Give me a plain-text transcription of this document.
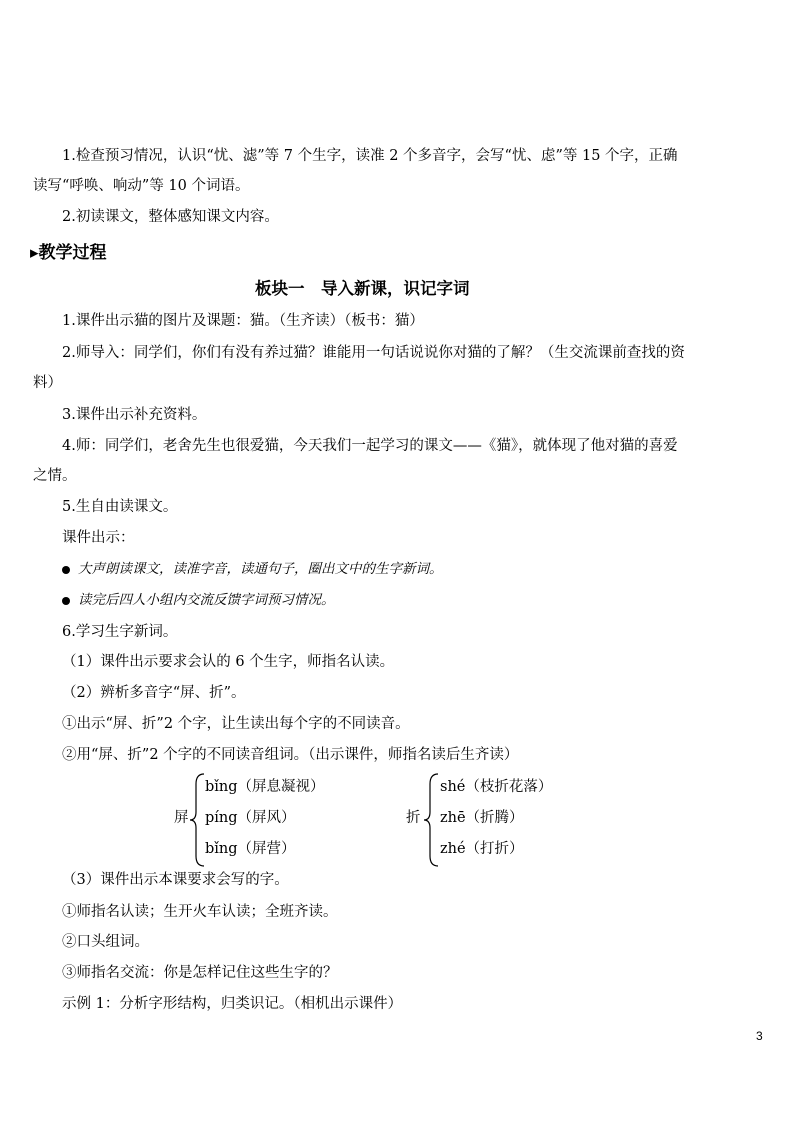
1.检查预习情况，认识“忧、滤”等 7 个生字，读准 2 个多音字，会写“忧、虑”等 15 个字，正确
读写“呼唤、响动”等 10 个词语。
2.初读课文，整体感知课文内容。
▸教学过程
板块一　导入新课，识记字词
1.课件出示猫的图片及课题：猫。（生齐读）（板书：猫）
2.师导入：同学们，你们有没有养过猫？谁能用一句话说说你对猫的了解？（生交流课前查找的资
料）
3.课件出示补充资料。
4.师：同学们，老舍先生也很爱猫，今天我们一起学习的课文——《猫》，就体现了他对猫的喜爱
之情。
5.生自由读课文。
课件出示：
大声朗读课文，读准字音，读通句子，圈出文中的生字新词。
读完后四人小组内交流反馈字词预习情况。
6.学习生字新词。
（1）课件出示要求会认的 6 个生字，师指名认读。
（2）辨析多音字“屏、折”。
①出示“屏、折”2 个字，让生读出每个字的不同读音。
②用“屏、折”2 个字的不同读音组词。（出示课件，师指名读后生齐读）
屏
bǐng（屏息凝视）
píng（屏风）
bǐng（屏营）
折
shé（枝折花落）
zhē（折腾）
zhé（打折）
（3）课件出示本课要求会写的字。
①师指名认读；生开火车认读；全班齐读。
②口头组词。
③师指名交流：你是怎样记住这些生字的？
示例 1：分析字形结构，归类识记。（相机出示课件）
3
